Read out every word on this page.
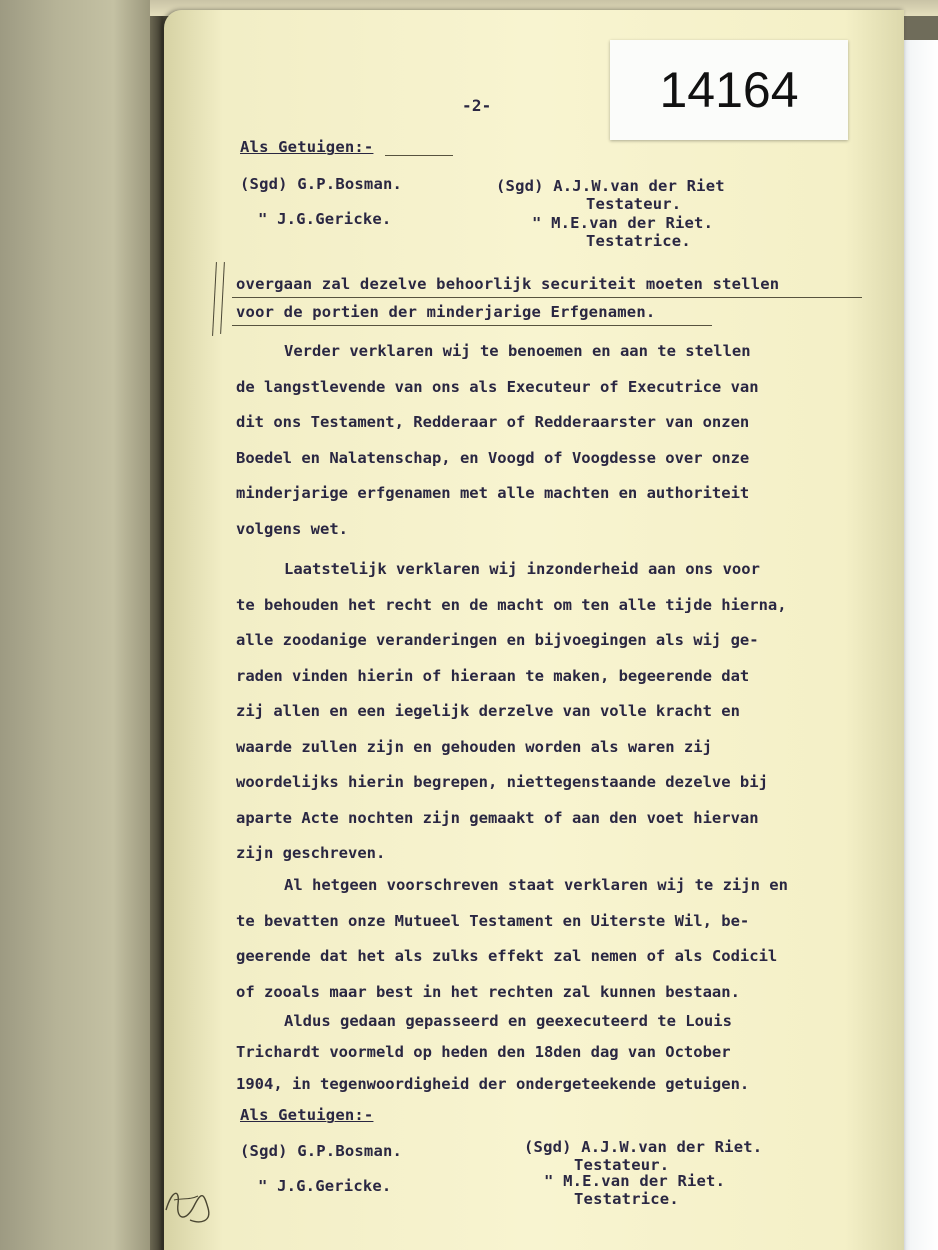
14164
-2-
Als Getuigen:-
(Sgd) G.P.Bosman.
" J.G.Gericke.
(Sgd) A.J.W.van der Riet
Testateur.
" M.E.van der Riet.
Testatrice.
overgaan zal dezelve behoorlijk securiteit moeten stellen
voor de portien der minderjarige Erfgenamen.
Verder verklaren wij te benoemen en aan te stellen
de langstlevende van ons als Executeur of Executrice van
dit ons Testament, Redderaar of Redderaarster van onzen
Boedel en Nalatenschap, en Voogd of Voogdesse over onze
minderjarige erfgenamen met alle machten en authoriteit
volgens wet.
Laatstelijk verklaren wij inzonderheid aan ons voor
te behouden het recht en de macht om ten alle tijde hierna,
alle zoodanige veranderingen en bijvoegingen als wij ge-
raden vinden hierin of hieraan te maken, begeerende dat
zij allen en een iegelijk derzelve van volle kracht en
waarde zullen zijn en gehouden worden als waren zij
woordelijks hierin begrepen, niettegenstaande dezelve bij
aparte Acte nochten zijn gemaakt of aan den voet hiervan
zijn geschreven.
Al hetgeen voorschreven staat verklaren wij te zijn en
te bevatten onze Mutueel Testament en Uiterste Wil, be-
geerende dat het als zulks effekt zal nemen of als Codicil
of zooals maar best in het rechten zal kunnen bestaan.
Aldus gedaan gepasseerd en geexecuteerd te Louis
Trichardt voormeld op heden den 18den dag van October
1904, in tegenwoordigheid der ondergeteekende getuigen.
Als Getuigen:-
(Sgd) G.P.Bosman.
" J.G.Gericke.
(Sgd) A.J.W.van der Riet.
Testateur.
" M.E.van der Riet.
Testatrice.
